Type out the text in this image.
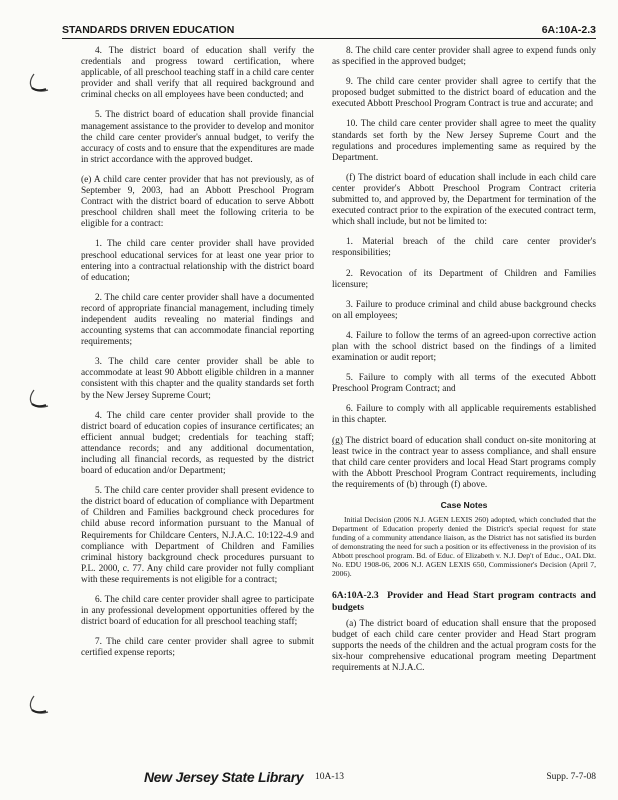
STANDARDS DRIVEN EDUCATION	6A:10A-2.3

4. The district board of education shall verify the credentials and progress toward certification, where applicable, of all preschool teaching staff in a child care center provider and shall verify that all required background and criminal checks on all employees have been conducted; and

5. The district board of education shall provide financial management assistance to the provider to develop and monitor the child care center provider's annual budget, to verify the accuracy of costs and to ensure that the expenditures are made in strict accordance with the approved budget.

(e) A child care center provider that has not previously, as of September 9, 2003, had an Abbott Preschool Program Contract with the district board of education to serve Abbott preschool children shall meet the following criteria to be eligible for a contract:

1. The child care center provider shall have provided preschool educational services for at least one year prior to entering into a contractual relationship with the district board of education;

2. The child care center provider shall have a documented record of appropriate financial management, including timely independent audits revealing no material findings and accounting systems that can accommodate financial reporting requirements;

3. The child care center provider shall be able to accommodate at least 90 Abbott eligible children in a manner consistent with this chapter and the quality standards set forth by the New Jersey Supreme Court;

4. The child care center provider shall provide to the district board of education copies of insurance certificates; an efficient annual budget; credentials for teaching staff; attendance records; and any additional documentation, including all financial records, as requested by the district board of education and/or Department;

5. The child care center provider shall present evidence to the district board of education of compliance with Department of Children and Families background check procedures for child abuse record information pursuant to the Manual of Requirements for Childcare Centers, N.J.A.C. 10:122-4.9 and compliance with Department of Children and Families criminal history background check procedures pursuant to P.L. 2000, c. 77. Any child care provider not fully compliant with these requirements is not eligible for a contract;

6. The child care center provider shall agree to participate in any professional development opportunities offered by the district board of education for all preschool teaching staff;

7. The child care center provider shall agree to submit certified expense reports;

8. The child care center provider shall agree to expend funds only as specified in the approved budget;

9. The child care center provider shall agree to certify that the proposed budget submitted to the district board of education and the executed Abbott Preschool Program Contract is true and accurate; and

10. The child care center provider shall agree to meet the quality standards set forth by the New Jersey Supreme Court and the regulations and procedures implementing same as required by the Department.

(f) The district board of education shall include in each child care center provider's Abbott Preschool Program Contract criteria submitted to, and approved by, the Department for termination of the executed contract prior to the expiration of the executed contract term, which shall include, but not be limited to:

1. Material breach of the child care center provider's responsibilities;

2. Revocation of its Department of Children and Families licensure;

3. Failure to produce criminal and child abuse background checks on all employees;

4. Failure to follow the terms of an agreed-upon corrective action plan with the school district based on the findings of a limited examination or audit report;

5. Failure to comply with all terms of the executed Abbott Preschool Program Contract; and

6. Failure to comply with all applicable requirements established in this chapter.

(g) The district board of education shall conduct on-site monitoring at least twice in the contract year to assess compliance, and shall ensure that child care center providers and local Head Start programs comply with the Abbott Preschool Program Contract requirements, including the requirements of (b) through (f) above.

Case Notes

Initial Decision (2006 N.J. AGEN LEXIS 260) adopted, which concluded that the Department of Education properly denied the District's special request for state funding of a community attendance liaison, as the District has not satisfied its burden of demonstrating the need for such a position or its effectiveness in the provision of its Abbott preschool program. Bd. of Educ. of Elizabeth v. N.J. Dep't of Educ., OAL Dkt. No. EDU 1908-06, 2006 N.J. AGEN LEXIS 650, Commissioner's Decision (April 7, 2006).

6A:10A-2.3 Provider and Head Start program contracts and budgets

(a) The district board of education shall ensure that the proposed budget of each child care center provider and Head Start program supports the needs of the children and the actual program costs for the six-hour comprehensive educational program meeting Department requirements at N.J.A.C.

New Jersey State Library 10A-13	Supp. 7-7-08
